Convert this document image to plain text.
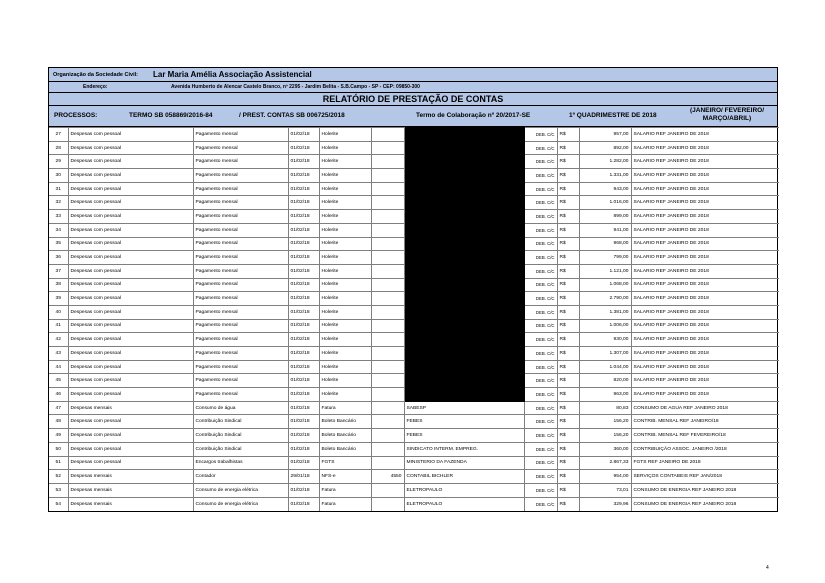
Organização da Sociedade Civil:	Lar Maria Amélia Associação Assistencial
Endereço:	Avenida Humberto de Alencar Castelo Branco, nº 2295 - Jardim Belita - S.B.Campo - SP - CEP: 09850-300
RELATÓRIO DE PRESTAÇÃO DE CONTAS
PROCESSOS:	TERMO SB 058869/2016-84	/ PREST. CONTAS SB 006725/2018	Termo de Colaboração nº 20/2017-SE	1º QUADRIMESTRE DE 2018
(JANEIRO/ FEVEREIRO/
MARÇO/ABRIL)
27	Despesas com pessoal	Pagamento mensal	01/02/18	Holerite			DEB. C/C	R$	957,00	SALARIO REF JANEIRO DE 2018
28	Despesas com pessoal	Pagamento mensal	01/02/18	Holerite			DEB. C/C	R$	892,00	SALARIO REF JANEIRO DE 2018
29	Despesas com pessoal	Pagamento mensal	01/02/18	Holerite			DEB. C/C	R$	1.282,00	SALARIO REF JANEIRO DE 2018
30	Despesas com pessoal	Pagamento mensal	01/02/18	Holerite			DEB. C/C	R$	1.331,00	SALARIO REF JANEIRO DE 2018
31	Despesas com pessoal	Pagamento mensal	01/02/18	Holerite			DEB. C/C	R$	943,00	SALARIO REF JANEIRO DE 2018
32	Despesas com pessoal	Pagamento mensal	01/02/18	Holerite			DEB. C/C	R$	1.016,00	SALARIO REF JANEIRO DE 2018
33	Despesas com pessoal	Pagamento mensal	01/02/18	Holerite			DEB. C/C	R$	899,00	SALARIO REF JANEIRO DE 2018
34	Despesas com pessoal	Pagamento mensal	01/02/18	Holerite			DEB. C/C	R$	941,00	SALARIO REF JANEIRO DE 2018
35	Despesas com pessoal	Pagamento mensal	01/02/18	Holerite			DEB. C/C	R$	968,00	SALARIO REF JANEIRO DE 2018
36	Despesas com pessoal	Pagamento mensal	01/02/18	Holerite			DEB. C/C	R$	799,00	SALARIO REF JANEIRO DE 2018
37	Despesas com pessoal	Pagamento mensal	01/02/18	Holerite			DEB. C/C	R$	1.121,00	SALARIO REF JANEIRO DE 2018
38	Despesas com pessoal	Pagamento mensal	01/02/18	Holerite			DEB. C/C	R$	1.068,00	SALARIO REF JANEIRO DE 2018
39	Despesas com pessoal	Pagamento mensal	01/02/18	Holerite			DEB. C/C	R$	2.790,00	SALARIO REF JANEIRO DE 2018
40	Despesas com pessoal	Pagamento mensal	01/02/18	Holerite			DEB. C/C	R$	1.381,00	SALARIO REF JANEIRO DE 2018
41	Despesas com pessoal	Pagamento mensal	01/02/18	Holerite			DEB. C/C	R$	1.006,00	SALARIO REF JANEIRO DE 2018
42	Despesas com pessoal	Pagamento mensal	01/02/18	Holerite			DEB. C/C	R$	930,00	SALARIO REF JANEIRO DE 2018
43	Despesas com pessoal	Pagamento mensal	01/02/18	Holerite			DEB. C/C	R$	1.307,00	SALARIO REF JANEIRO DE 2018
44	Despesas com pessoal	Pagamento mensal	01/02/18	Holerite			DEB. C/C	R$	1.044,00	SALARIO REF JANEIRO DE 2018
45	Despesas com pessoal	Pagamento mensal	01/02/18	Holerite			DEB. C/C	R$	820,00	SALARIO REF JANEIRO DE 2018
46	Despesas com pessoal	Pagamento mensal	01/02/18	Holerite			DEB. C/C	R$	963,00	SALARIO REF JANEIRO DE 2018
47	Despesas mensais	Consumo de água	01/02/18	Fatura		SABESP	DEB. C/C	R$	80,83	CONSUMO DE AGUA REF JANEIRO 2018
48	Despesas com pessoal	Contribuição Sindical	01/02/18	Boleto Bancário		FEBES	DEB. C/C	R$	156,20	CONTRIB. MENSAL REF JANEIRO/18
49	Despesas com pessoal	Contribuição Sindical	01/02/18	Boleto Bancário		FEBES	DEB. C/C	R$	156,20	CONTRIB. MENSAL REF FEVEREIRO/18
50	Despesas com pessoal	Contribuição Sindical	01/02/18	Boleto Bancário		SINDICATO INTERM. EMPREG.	DEB. C/C	R$	360,00	CONTRIBUIÇÃO ASSOC. JANEIRO /2018
51	Despesas com pessoal	Encargos trabalhistas	01/02/18	FGTS		MINISTERIO DA FAZENDA	DEB. C/C	R$	2.867,33	FGTS REF JANEIRO DE 2018
52	Despesas mensais	Contador	29/01/18	NFS-e	4550	CONTABIL BICHLER	DEB. C/C	R$	954,00	SERVIÇOS CONTABEIS REF JAN/2018
53	Despesas mensais	Consumo de energia elétrica	01/02/18	Fatura		ELETROPAULO	DEB. C/C	R$	73,01	CONSUMO DE ENERGIA REF JANEIRO 2018
54	Despesas mensais	Consumo de energia elétrica	01/02/18	Fatura		ELETROPAULO	DEB. C/C	R$	329,96	CONSUMO DE ENERGIA REF JANEIRO 2018
4
